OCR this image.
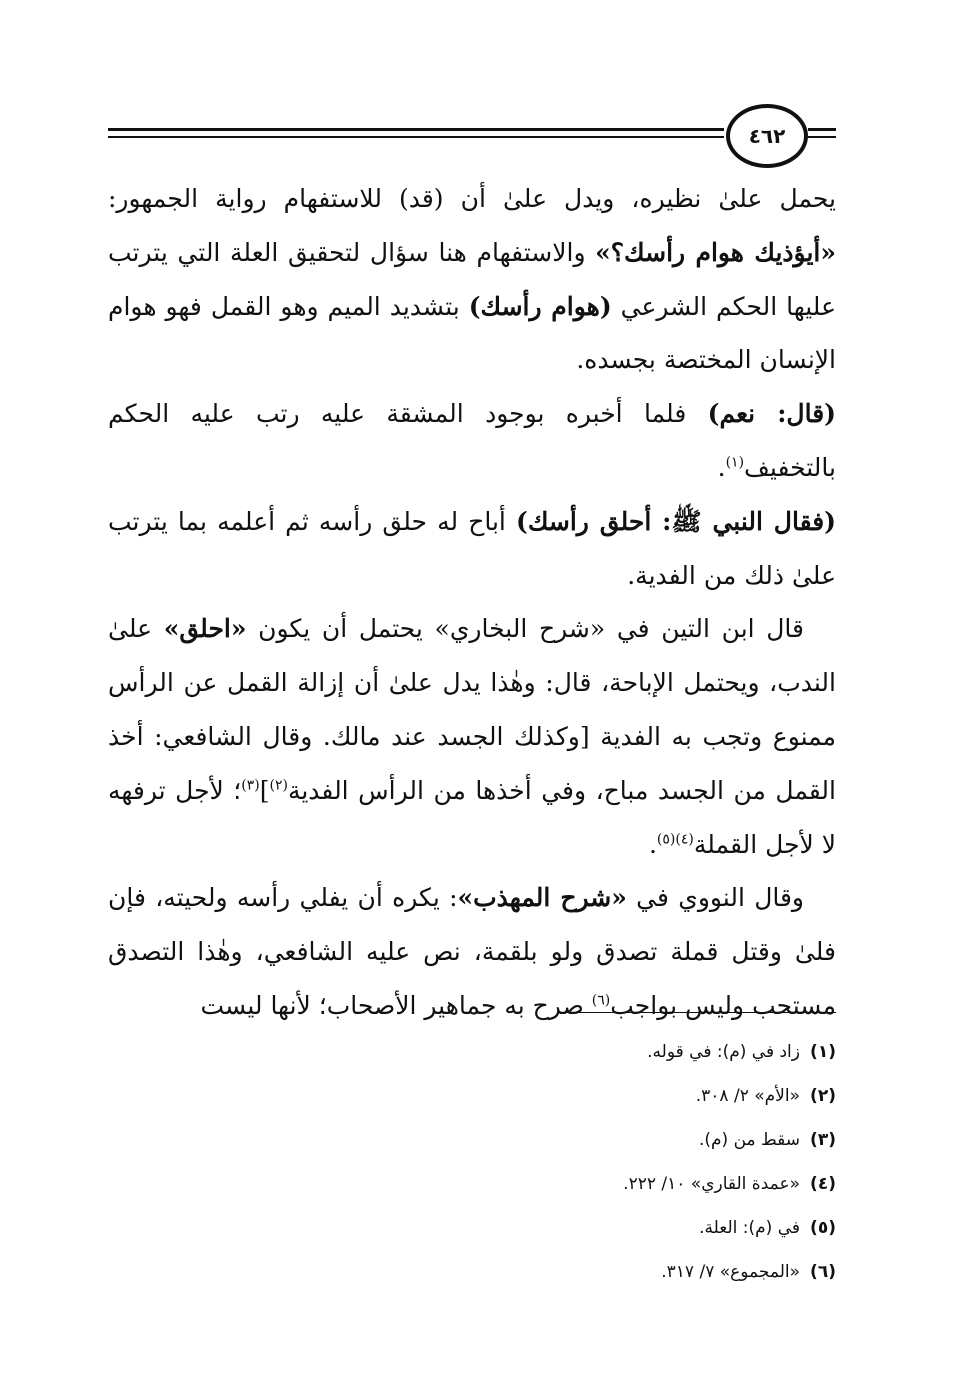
٤٦٢

يحمل علىٰ نظيره، ويدل علىٰ أن (قد) للاستفهام رواية الجمهور: «أيؤذيك هوام رأسك؟» والاستفهام هنا سؤال لتحقيق العلة التي يترتب عليها الحكم الشرعي (هوام رأسك) بتشديد الميم وهو القمل فهو هوام الإنسان المختصة بجسده.

(قال: نعم) فلما أخبره بوجود المشقة عليه رتب عليه الحكم بالتخفيف$^{(١)}$.

(فقال النبي ﷺ: أحلق رأسك) أباح له حلق رأسه ثم أعلمه بما يترتب علىٰ ذلك من الفدية.

قال ابن التين في «شرح البخاري» يحتمل أن يكون «احلق» علىٰ الندب، ويحتمل الإباحة، قال: وهٰذا يدل علىٰ أن إزالة القمل عن الرأس ممنوع وتجب به الفدية [وكذلك الجسد عند مالك. وقال الشافعي: أخذ القمل من الجسد مباح، وفي أخذها من الرأس الفدية$^{(٢)}$]$^{(٣)}$؛ لأجل ترفهه لا لأجل القملة$^{(٤)(٥)}$.

وقال النووي في «شرح المهذب»: يكره أن يفلي رأسه ولحيته، فإن فلىٰ وقتل قملة تصدق ولو بلقمة، نص عليه الشافعي، وهٰذا التصدق مستحب وليس بواجب$^{(٦)}$ صرح به جماهير الأصحاب؛ لأنها ليست

(١)زاد في (م): في قوله.
(٢)«الأم» ٢/ ٣٠٨.
(٣)سقط من (م).
(٤)«عمدة القاري» ١٠/ ٢٢٢.
(٥)في (م): العلة.
(٦)«المجموع» ٧/ ٣١٧.
